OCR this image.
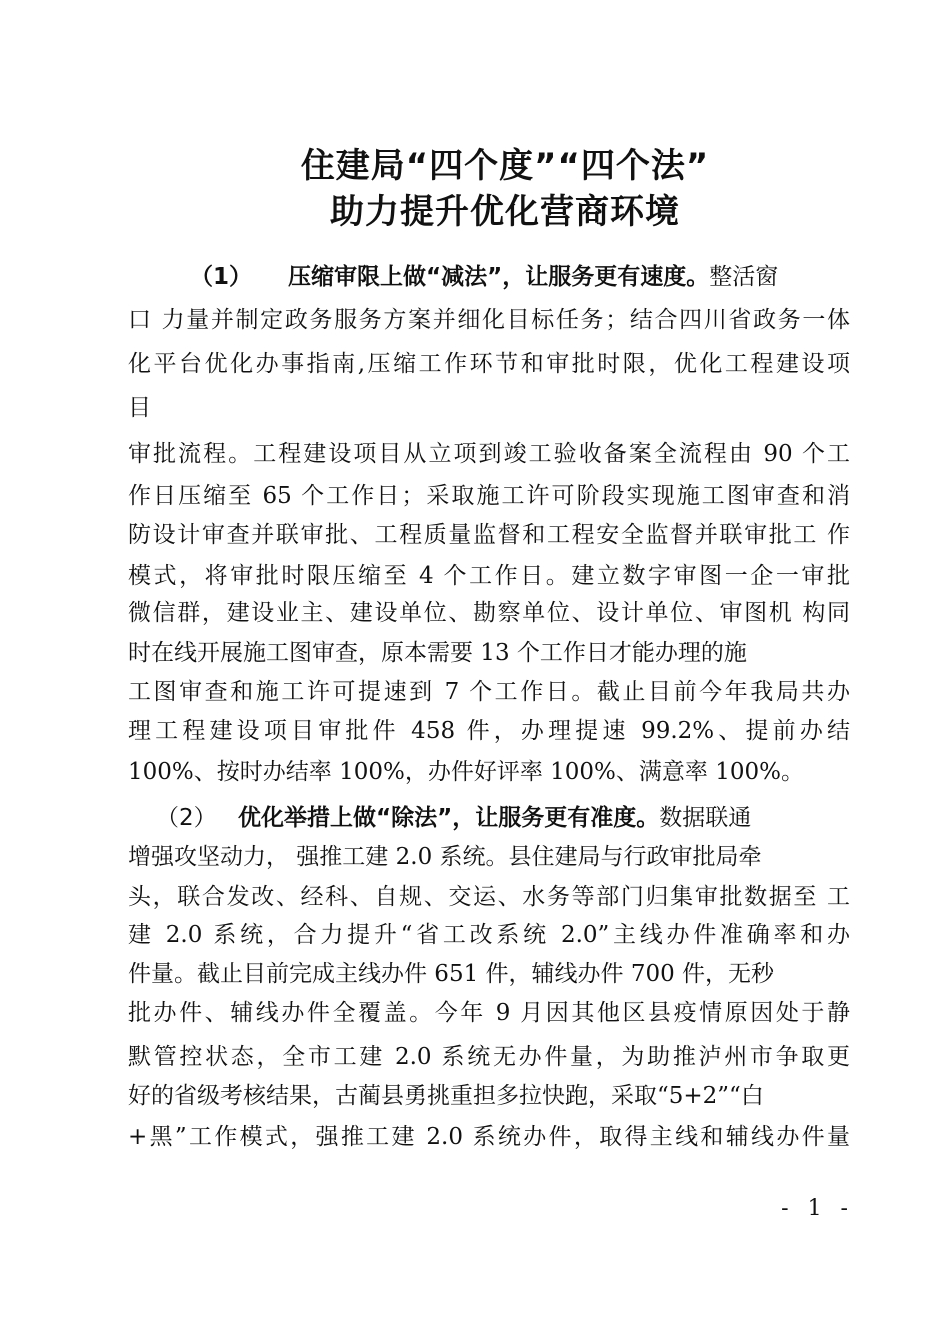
住建局“四个度”“四个法”
助力提升优化营商环境
（1） 压缩审限上做“减法”，让服务更有速度。整活窗
口 力量并制定政务服务方案并细化目标任务；结合四川省政务一体
化平台优化办事指南,压缩工作环节和审批时限，优化工程建设项
目
审批流程。工程建设项目从立项到竣工验收备案全流程由 90 个工
作日压缩至 65 个工作日；采取施工许可阶段实现施工图审查和消
防设计审查并联审批、工程质量监督和工程安全监督并联审批工 作
模式，将审批时限压缩至 4 个工作日。建立数字审图一企一审批
微信群，建设业主、建设单位、勘察单位、设计单位、审图机 构同
时在线开展施工图审查，原本需要 13 个工作日才能办理的施
工图审查和施工许可提速到 7 个工作日。截止目前今年我局共办
理工程建设项目审批件 458 件，办理提速 99.2%、提前办结
100%、按时办结率 100%，办件好评率 100%、满意率 100%。
（2） 优化举措上做“除法”，让服务更有准度。数据联通
增强攻坚动力， 强推工建 2.0 系统。县住建局与行政审批局牵
头，联合发改、经科、自规、交运、水务等部门归集审批数据至 工
建 2.0 系统，合力提升“省工改系统 2.0”主线办件准确率和办
件量。截止目前完成主线办件 651 件，辅线办件 700 件，无秒
批办件、辅线办件全覆盖。今年 9 月因其他区县疫情原因处于静
默管控状态，全市工建 2.0 系统无办件量，为助推泸州市争取更
好的省级考核结果，古蔺县勇挑重担多拉快跑，采取“5+2”“白
+黑”工作模式，强推工建 2.0 系统办件，取得主线和辅线办件量
- 1 -
